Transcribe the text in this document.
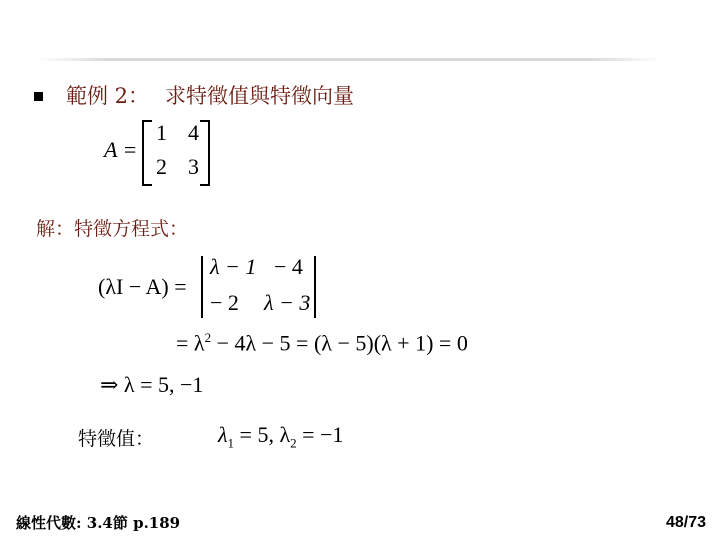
範例 2： 求特徵值與特徵向量
A =
1 4
2 3
解：特徵方程式：
(λI − A) =
λ − 1 − 4
− 2 λ − 3
= $\lambda^2 - 4\lambda - 5 = (\lambda - 5)(\lambda + 1) = 0$
⇒ λ = 5, −1
特徵值：	$\lambda_1 = 5$, $\lambda_2 = -1$
線性代數: 3.4節 p.189	48/73
